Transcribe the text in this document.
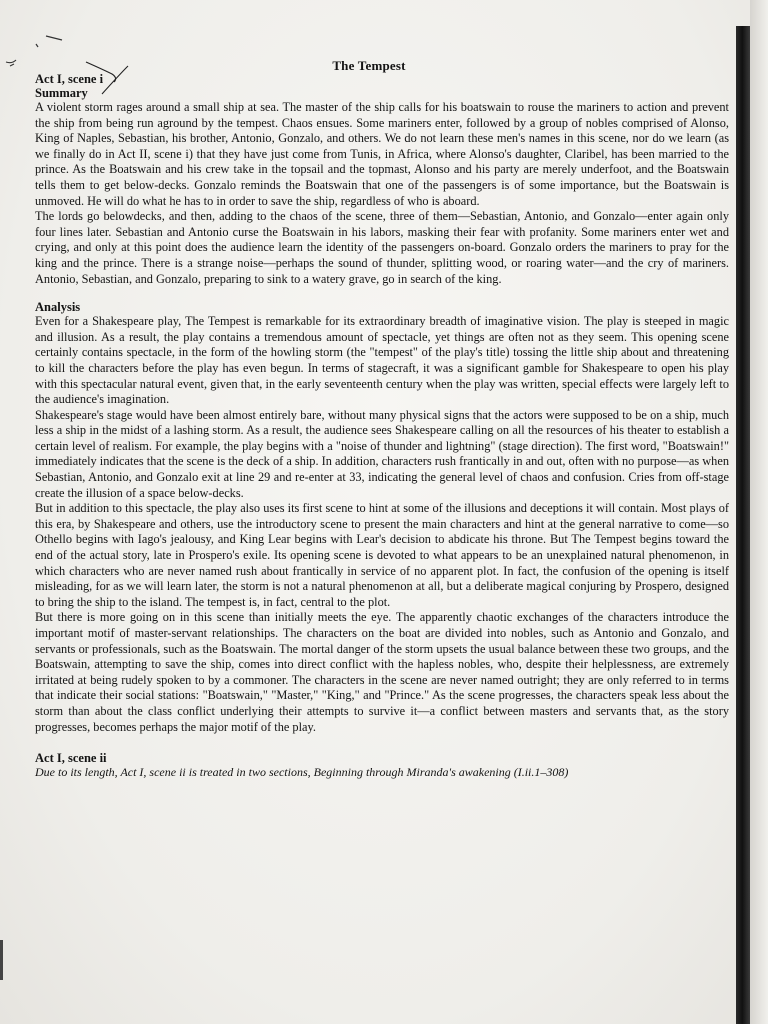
The Tempest

Act I, scene i

Summary

A violent storm rages around a small ship at sea. The master of the ship calls for his boatswain to rouse the mariners to action and prevent the ship from being run aground by the tempest. Chaos ensues. Some mariners enter, followed by a group of nobles comprised of Alonso, King of Naples, Sebastian, his brother, Antonio, Gonzalo, and others. We do not learn these men's names in this scene, nor do we learn (as we finally do in Act II, scene i) that they have just come from Tunis, in Africa, where Alonso's daughter, Claribel, has been married to the prince. As the Boatswain and his crew take in the topsail and the topmast, Alonso and his party are merely underfoot, and the Boatswain tells them to get below-decks. Gonzalo reminds the Boatswain that one of the passengers is of some importance, but the Boatswain is unmoved. He will do what he has to in order to save the ship, regardless of who is aboard.

The lords go belowdecks, and then, adding to the chaos of the scene, three of them—Sebastian, Antonio, and Gonzalo—enter again only four lines later. Sebastian and Antonio curse the Boatswain in his labors, masking their fear with profanity. Some mariners enter wet and crying, and only at this point does the audience learn the identity of the passengers on-board. Gonzalo orders the mariners to pray for the king and the prince. There is a strange noise—perhaps the sound of thunder, splitting wood, or roaring water—and the cry of mariners. Antonio, Sebastian, and Gonzalo, preparing to sink to a watery grave, go in search of the king.

Analysis

Even for a Shakespeare play, The Tempest is remarkable for its extraordinary breadth of imaginative vision. The play is steeped in magic and illusion. As a result, the play contains a tremendous amount of spectacle, yet things are often not as they seem. This opening scene certainly contains spectacle, in the form of the howling storm (the "tempest" of the play's title) tossing the little ship about and threatening to kill the characters before the play has even begun. In terms of stagecraft, it was a significant gamble for Shakespeare to open his play with this spectacular natural event, given that, in the early seventeenth century when the play was written, special effects were largely left to the audience's imagination.

Shakespeare's stage would have been almost entirely bare, without many physical signs that the actors were supposed to be on a ship, much less a ship in the midst of a lashing storm. As a result, the audience sees Shakespeare calling on all the resources of his theater to establish a certain level of realism. For example, the play begins with a "noise of thunder and lightning" (stage direction). The first word, "Boatswain!" immediately indicates that the scene is the deck of a ship. In addition, characters rush frantically in and out, often with no purpose—as when Sebastian, Antonio, and Gonzalo exit at line 29 and re-enter at 33, indicating the general level of chaos and confusion. Cries from off-stage create the illusion of a space below-decks.

But in addition to this spectacle, the play also uses its first scene to hint at some of the illusions and deceptions it will contain. Most plays of this era, by Shakespeare and others, use the introductory scene to present the main characters and hint at the general narrative to come—so Othello begins with Iago's jealousy, and King Lear begins with Lear's decision to abdicate his throne. But The Tempest begins toward the end of the actual story, late in Prospero's exile. Its opening scene is devoted to what appears to be an unexplained natural phenomenon, in which characters who are never named rush about frantically in service of no apparent plot. In fact, the confusion of the opening is itself misleading, for as we will learn later, the storm is not a natural phenomenon at all, but a deliberate magical conjuring by Prospero, designed to bring the ship to the island. The tempest is, in fact, central to the plot.

But there is more going on in this scene than initially meets the eye. The apparently chaotic exchanges of the characters introduce the important motif of master-servant relationships. The characters on the boat are divided into nobles, such as Antonio and Gonzalo, and servants or professionals, such as the Boatswain. The mortal danger of the storm upsets the usual balance between these two groups, and the Boatswain, attempting to save the ship, comes into direct conflict with the hapless nobles, who, despite their helplessness, are extremely irritated at being rudely spoken to by a commoner. The characters in the scene are never named outright; they are only referred to in terms that indicate their social stations: "Boatswain," "Master," "King," and "Prince." As the scene progresses, the characters speak less about the storm than about the class conflict underlying their attempts to survive it—a conflict between masters and servants that, as the story progresses, becomes perhaps the major motif of the play.

Act I, scene ii

Due to its length, Act I, scene ii is treated in two sections, Beginning through Miranda's awakening (I.ii.1–308)
